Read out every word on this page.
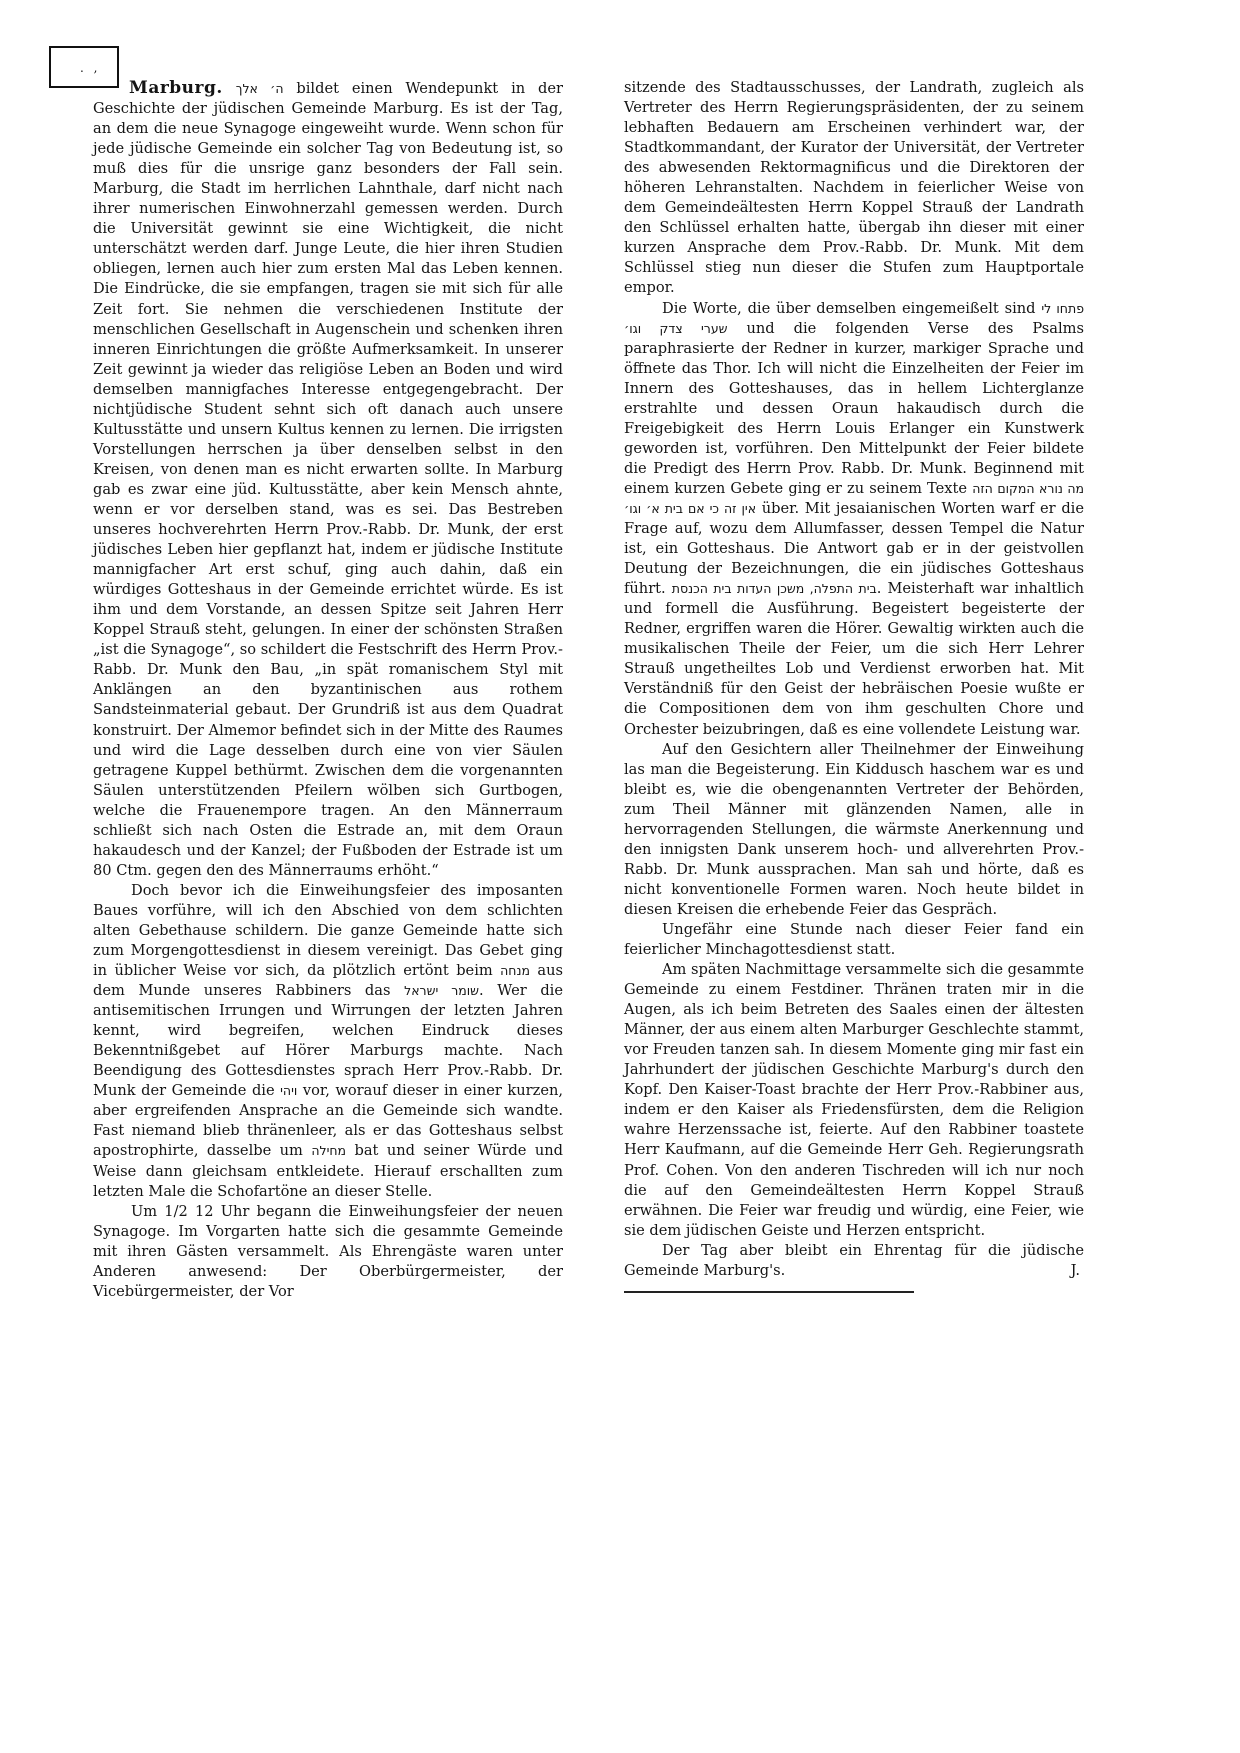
. ,

Marburg. ה׳ אלך bildet einen Wendepunkt in der Geschichte der jüdischen Gemeinde Marburg. Es ist der Tag, an dem die neue Synagoge eingeweiht wurde. Wenn schon für jede jüdische Gemeinde ein solcher Tag von Bedeutung ist, so muß dies für die unsrige ganz besonders der Fall sein. Marburg, die Stadt im herrlichen Lahnthale, darf nicht nach ihrer numerischen Einwohnerzahl gemessen werden. Durch die Universität gewinnt sie eine Wichtigkeit, die nicht unterschätzt werden darf. Junge Leute, die hier ihren Studien obliegen, lernen auch hier zum ersten Mal das Leben kennen. Die Eindrücke, die sie empfangen, tragen sie mit sich für alle Zeit fort. Sie nehmen die verschiedenen Institute der menschlichen Gesellschaft in Augenschein und schenken ihren inneren Einrichtungen die größte Aufmerksamkeit. In unserer Zeit gewinnt ja wieder das religiöse Leben an Boden und wird demselben mannigfaches Interesse entgegengebracht. Der nichtjüdische Student sehnt sich oft danach auch unsere Kultusstätte und unsern Kultus kennen zu lernen. Die irrigsten Vorstellungen herrschen ja über denselben selbst in den Kreisen, von denen man es nicht erwarten sollte. In Marburg gab es zwar eine jüd. Kultusstätte, aber kein Mensch ahnte, wenn er vor derselben stand, was es sei. Das Bestreben unseres hochverehrten Herrn Prov.-Rabb. Dr. Munk, der erst jüdisches Leben hier gepflanzt hat, indem er jüdische Institute mannigfacher Art erst schuf, ging auch dahin, daß ein würdiges Gotteshaus in der Gemeinde errichtet würde. Es ist ihm und dem Vorstande, an dessen Spitze seit Jahren Herr Koppel Strauß steht, gelungen. In einer der schönsten Straßen „ist die Synagoge“, so schildert die Festschrift des Herrn Prov.-Rabb. Dr. Munk den Bau, „in spät romanischem Styl mit Anklängen an den byzantinischen aus rothem Sandsteinmaterial gebaut. Der Grundriß ist aus dem Quadrat konstruirt. Der Almemor befindet sich in der Mitte des Raumes und wird die Lage desselben durch eine von vier Säulen getragene Kuppel bethürmt. Zwischen dem die vorgenannten Säulen unterstützenden Pfeilern wölben sich Gurtbogen, welche die Frauenempore tragen. An den Männerraum schließt sich nach Osten die Estrade an, mit dem Oraun hakaudesch und der Kanzel; der Fußboden der Estrade ist um 80 Ctm. gegen den des Männerraums erhöht.“

Doch bevor ich die Einweihungsfeier des imposanten Baues vorführe, will ich den Abschied von dem schlichten alten Gebethause schildern. Die ganze Gemeinde hatte sich zum Morgengottesdienst in diesem vereinigt. Das Gebet ging in üblicher Weise vor sich, da plötzlich ertönt beim מנחה aus dem Munde unseres Rabbiners das שומר ישראל. Wer die antisemitischen Irrungen und Wirrungen der letzten Jahren kennt, wird begreifen, welchen Eindruck dieses Bekenntnißgebet auf Hörer Marburgs machte. Nach Beendigung des Gottesdienstes sprach Herr Prov.-Rabb. Dr. Munk der Gemeinde die ויהי vor, worauf dieser in einer kurzen, aber ergreifenden Ansprache an die Gemeinde sich wandte. Fast niemand blieb thränenleer, als er das Gotteshaus selbst apostrophirte, dasselbe um מחילה bat und seiner Würde und Weise dann gleichsam entkleidete. Hierauf erschallten zum letzten Male die Schofartöne an dieser Stelle.

Um 1/2 12 Uhr begann die Einweihungsfeier der neuen Synagoge. Im Vorgarten hatte sich die gesammte Gemeinde mit ihren Gästen versammelt. Als Ehrengäste waren unter Anderen anwesend: Der Oberbürgermeister, der Vicebürgermeister, der Vor

sitzende des Stadtausschusses, der Landrath, zugleich als Vertreter des Herrn Regierungspräsidenten, der zu seinem lebhaften Bedauern am Erscheinen verhindert war, der Stadtkommandant, der Kurator der Universität, der Vertreter des abwesenden Rektormagnificus und die Direktoren der höheren Lehranstalten. Nachdem in feierlicher Weise von dem Gemeindeältesten Herrn Koppel Strauß der Landrath den Schlüssel erhalten hatte, übergab ihn dieser mit einer kurzen Ansprache dem Prov.-Rabb. Dr. Munk. Mit dem Schlüssel stieg nun dieser die Stufen zum Hauptportale empor.

Die Worte, die über demselben eingemeißelt sind פתחו לי שערי צדק וגו׳ und die folgenden Verse des Psalms paraphrasierte der Redner in kurzer, markiger Sprache und öffnete das Thor. Ich will nicht die Einzelheiten der Feier im Innern des Gotteshauses, das in hellem Lichterglanze erstrahlte und dessen Oraun hakaudisch durch die Freigebigkeit des Herrn Louis Erlanger ein Kunstwerk geworden ist, vorführen. Den Mittelpunkt der Feier bildete die Predigt des Herrn Prov. Rabb. Dr. Munk. Beginnend mit einem kurzen Gebete ging er zu seinem Texte מה נורא המקום הזה אין זה כי אם בית א׳ וגו׳ über. Mit jesaianischen Worten warf er die Frage auf, wozu dem Allumfasser, dessen Tempel die Natur ist, ein Gotteshaus. Die Antwort gab er in der geistvollen Deutung der Bezeichnungen, die ein jüdisches Gotteshaus führt. בית התפלה, משכן העדות בית הכנסת. Meisterhaft war inhaltlich und formell die Ausführung. Begeistert begeisterte der Redner, ergriffen waren die Hörer. Gewaltig wirkten auch die musikalischen Theile der Feier, um die sich Herr Lehrer Strauß ungetheiltes Lob und Verdienst erworben hat. Mit Verständniß für den Geist der hebräischen Poesie wußte er die Compositionen dem von ihm geschulten Chore und Orchester beizubringen, daß es eine vollendete Leistung war.

Auf den Gesichtern aller Theilnehmer der Einweihung las man die Begeisterung. Ein Kiddusch haschem war es und bleibt es, wie die obengenannten Vertreter der Behörden, zum Theil Männer mit glänzenden Namen, alle in hervorragenden Stellungen, die wärmste Anerkennung und den innigsten Dank unserem hoch- und allverehrten Prov.-Rabb. Dr. Munk aussprachen. Man sah und hörte, daß es nicht konventionelle Formen waren. Noch heute bildet in diesen Kreisen die erhebende Feier das Gespräch.

Ungefähr eine Stunde nach dieser Feier fand ein feierlicher Minchagottesdienst statt.

Am späten Nachmittage versammelte sich die gesammte Gemeinde zu einem Festdiner. Thränen traten mir in die Augen, als ich beim Betreten des Saales einen der ältesten Männer, der aus einem alten Marburger Geschlechte stammt, vor Freuden tanzen sah. In diesem Momente ging mir fast ein Jahrhundert der jüdischen Geschichte Marburg's durch den Kopf. Den Kaiser-Toast brachte der Herr Prov.-Rabbiner aus, indem er den Kaiser als Friedensfürsten, dem die Religion wahre Herzenssache ist, feierte. Auf den Rabbiner toastete Herr Kaufmann, auf die Gemeinde Herr Geh. Regierungsrath Prof. Cohen. Von den anderen Tischreden will ich nur noch die auf den Gemeindeältesten Herrn Koppel Strauß erwähnen. Die Feier war freudig und würdig, eine Feier, wie sie dem jüdischen Geiste und Herzen entspricht.

Der Tag aber bleibt ein Ehrentag für die jüdische Gemeinde Marburg's.	J.
